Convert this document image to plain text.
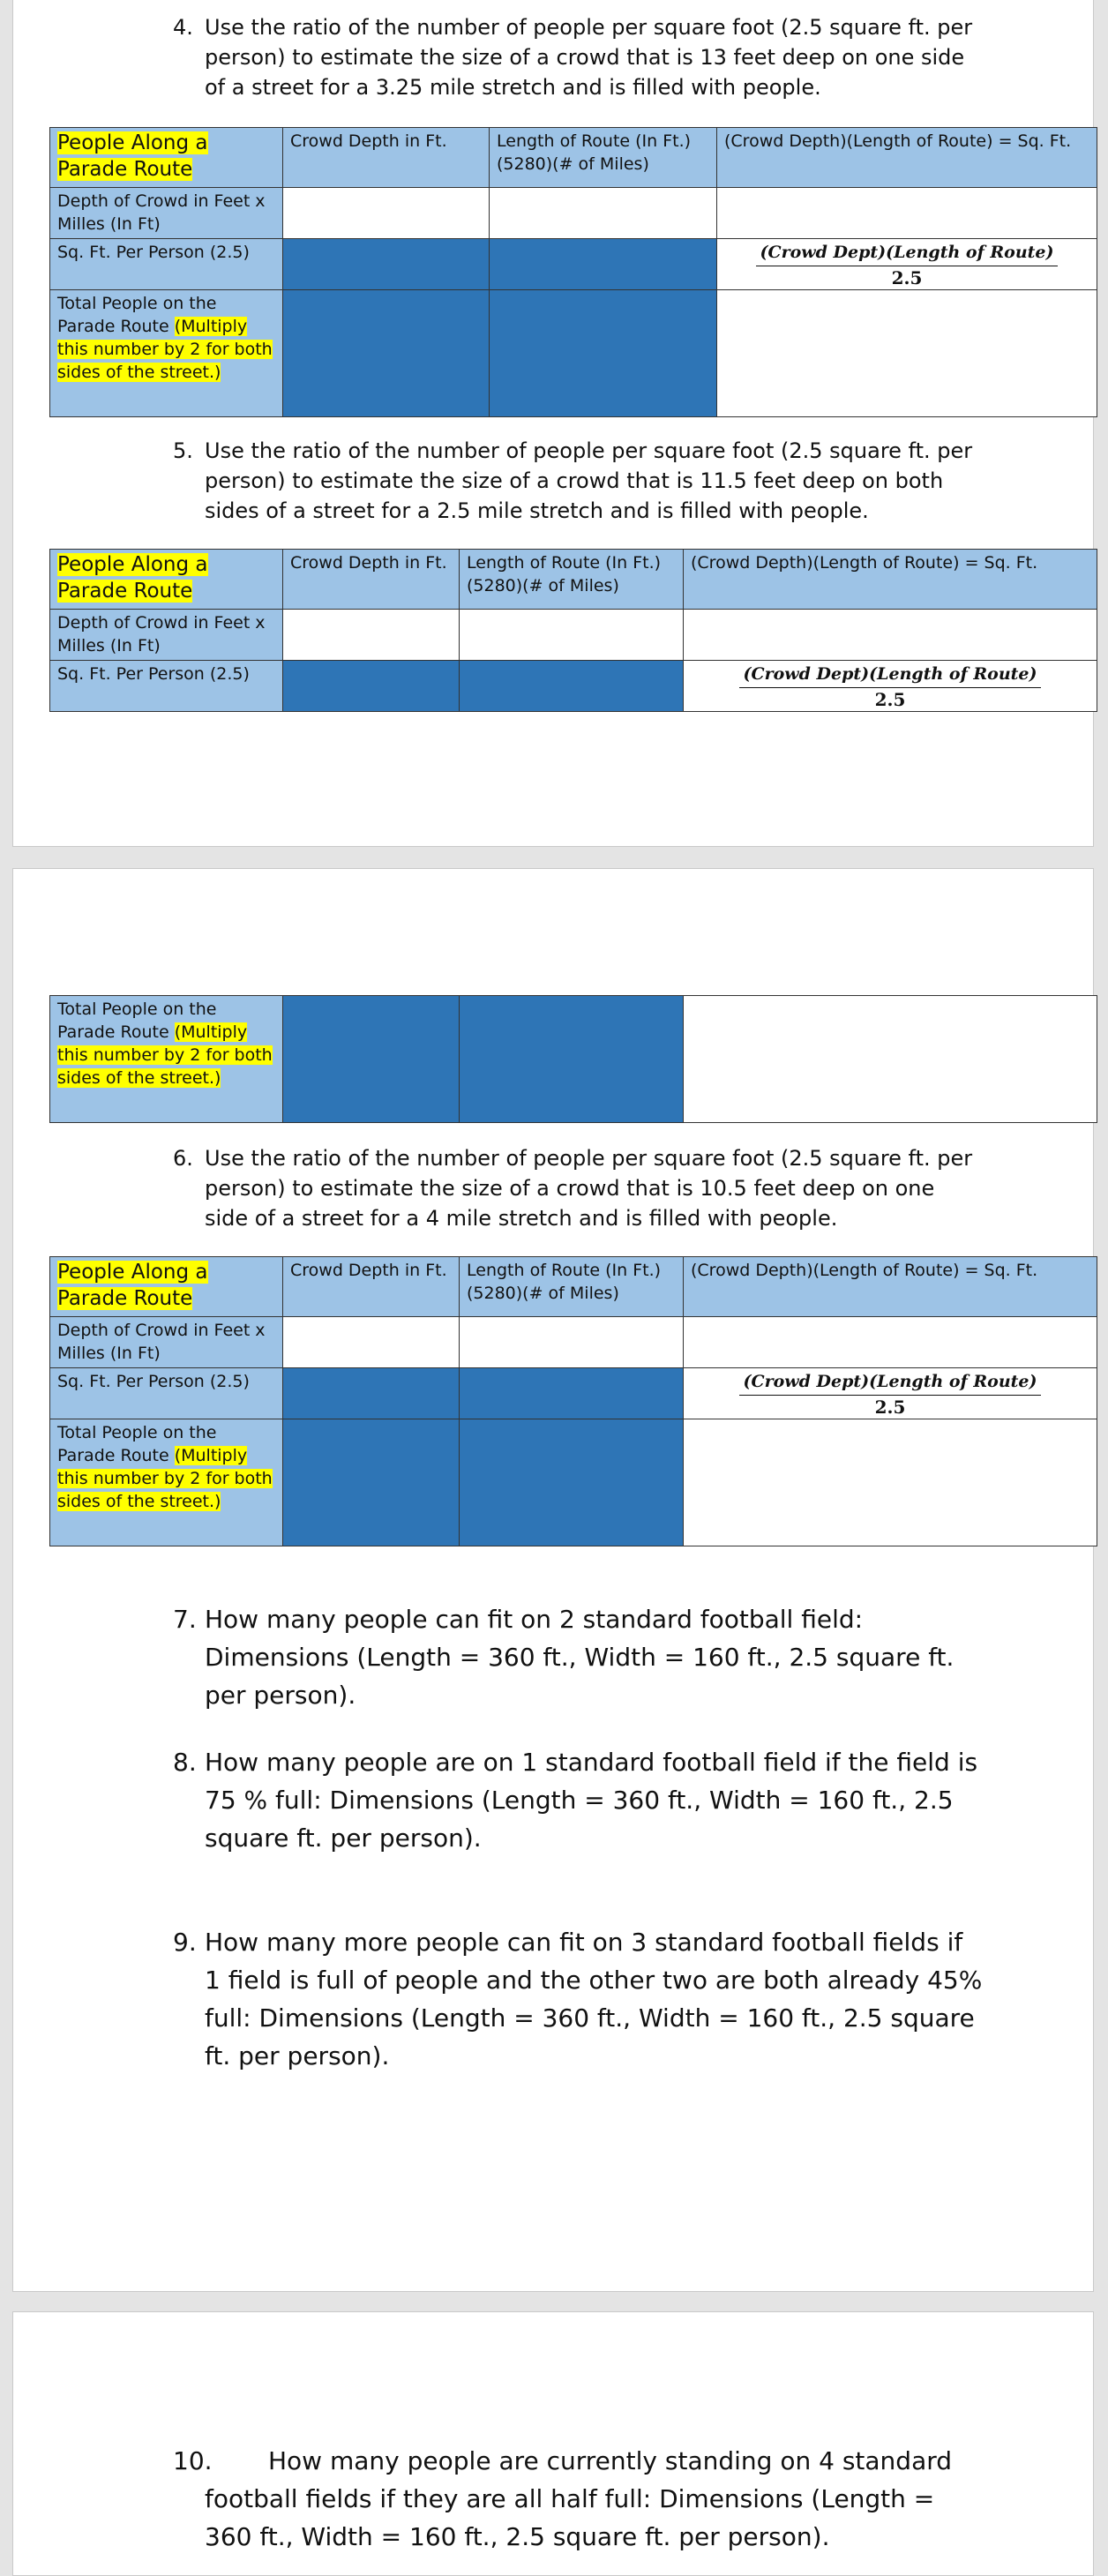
4. Use the ratio of the number of people per square foot (2.5 square ft. per person) to estimate the size of a crowd that is 13 feet deep on one side of a street for a 3.25 mile stretch and is filled with people.
People Along a Parade Route	Crowd Depth in Ft.	Length of Route (In Ft.) (5280)(# of Miles)	(Crowd Depth)(Length of Route) = Sq. Ft.
Depth of Crowd in Feet x Milles (In Ft)			
Sq. Ft. Per Person (2.5)			(Crowd Dept)(Length of Route)
2.5

Total People on the Parade Route (Multiply this number by 2 for both sides of the street.)			
5. Use the ratio of the number of people per square foot (2.5 square ft. per person) to estimate the size of a crowd that is 11.5 feet deep on both sides of a street for a 2.5 mile stretch and is filled with people.
People Along a Parade Route	Crowd Depth in Ft.	Length of Route (In Ft.) (5280)(# of Miles)	(Crowd Depth)(Length of Route) = Sq. Ft.
Depth of Crowd in Feet x Milles (In Ft)			
Sq. Ft. Per Person (2.5)			(Crowd Dept)(Length of Route)
2.5
Total People on the Parade Route (Multiply this number by 2 for both sides of the street.)			
6. Use the ratio of the number of people per square foot (2.5 square ft. per person) to estimate the size of a crowd that is 10.5 feet deep on one side of a street for a 4 mile stretch and is filled with people.
People Along a Parade Route	Crowd Depth in Ft.	Length of Route (In Ft.) (5280)(# of Miles)	(Crowd Depth)(Length of Route) = Sq. Ft.
Depth of Crowd in Feet x Milles (In Ft)			
Sq. Ft. Per Person (2.5)			(Crowd Dept)(Length of Route)
2.5

Total People on the Parade Route (Multiply this number by 2 for both sides of the street.)			
7. How many people can fit on 2 standard football field: Dimensions (Length = 360 ft., Width = 160 ft., 2.5 square ft. per person).
8. How many people are on 1 standard football field if the field is 75 % full: Dimensions (Length = 360 ft., Width = 160 ft., 2.5 square ft. per person).
9. How many more people can fit on 3 standard football fields if 1 field is full of people and the other two are both already 45% full: Dimensions (Length = 360 ft., Width = 160 ft., 2.5 square ft. per person).
10.	How many people are currently standing on 4 standard football fields if they are all half full: Dimensions (Length = 360 ft., Width = 160 ft., 2.5 square ft. per person).
